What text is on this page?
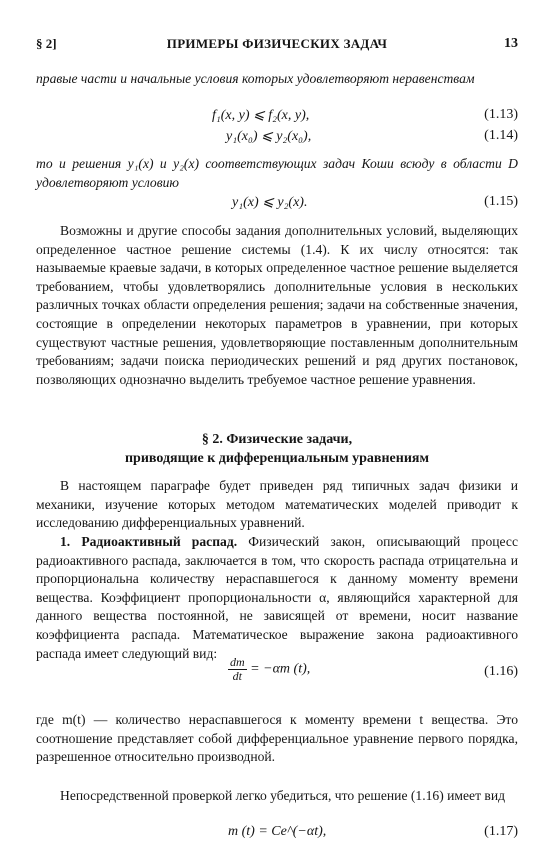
§ 2]	ПРИМЕРЫ ФИЗИЧЕСКИХ ЗАДАЧ	13
правые части и начальные условия которых удовлетворяют неравенствам
f₁(x, y) ⩽ f₂(x, y),	(1.13)
y₁(x₀) ⩽ y₂(x₀),	(1.14)
то и решения y₁(x) и y₂(x) соответствующих задач Коши всюду в области D удовлетворяют условию
y₁(x) ⩽ y₂(x).	(1.15)
Возможны и другие способы задания дополнительных условий, выделяющих определенное частное решение системы (1.4). К их числу относятся: так называемые краевые задачи, в которых определенное частное решение выделяется требованием, чтобы удовлетворялись дополнительные условия в нескольких различных точках области определения решения; задачи на собственные значения, состоящие в определении некоторых параметров в уравнении, при которых существуют частные решения, удовлетворяющие поставленным дополнительным требованиям; задачи поиска периодических решений и ряд других постановок, позволяющих однозначно выделить требуемое частное решение уравнения.
§ 2. Физические задачи,
приводящие к дифференциальным уравнениям
В настоящем параграфе будет приведен ряд типичных задач физики и механики, изучение которых методом математических моделей приводит к исследованию дифференциальных уравнений.
1. Радиоактивный распад. Физический закон, описывающий процесс радиоактивного распада, заключается в том, что скорость распада отрицательна и пропорциональна количеству нераспавшегося к данному моменту времени вещества. Коэффициент пропорциональности α, являющийся характерной для данного вещества постоянной, не зависящей от времени, носит название коэффициента распада. Математическое выражение закона радиоактивного распада имеет следующий вид:
$\frac{dm}{dt} = -\alpha m$ (t),	(1.16)
где m(t) — количество нераспавшегося к моменту времени t вещества. Это соотношение представляет собой дифференциальное уравнение первого порядка, разрешенное относительно производной.
Непосредственной проверкой легко убедиться, что решение (1.16) имеет вид
m (t) = Ce^(−αt),	(1.17)
